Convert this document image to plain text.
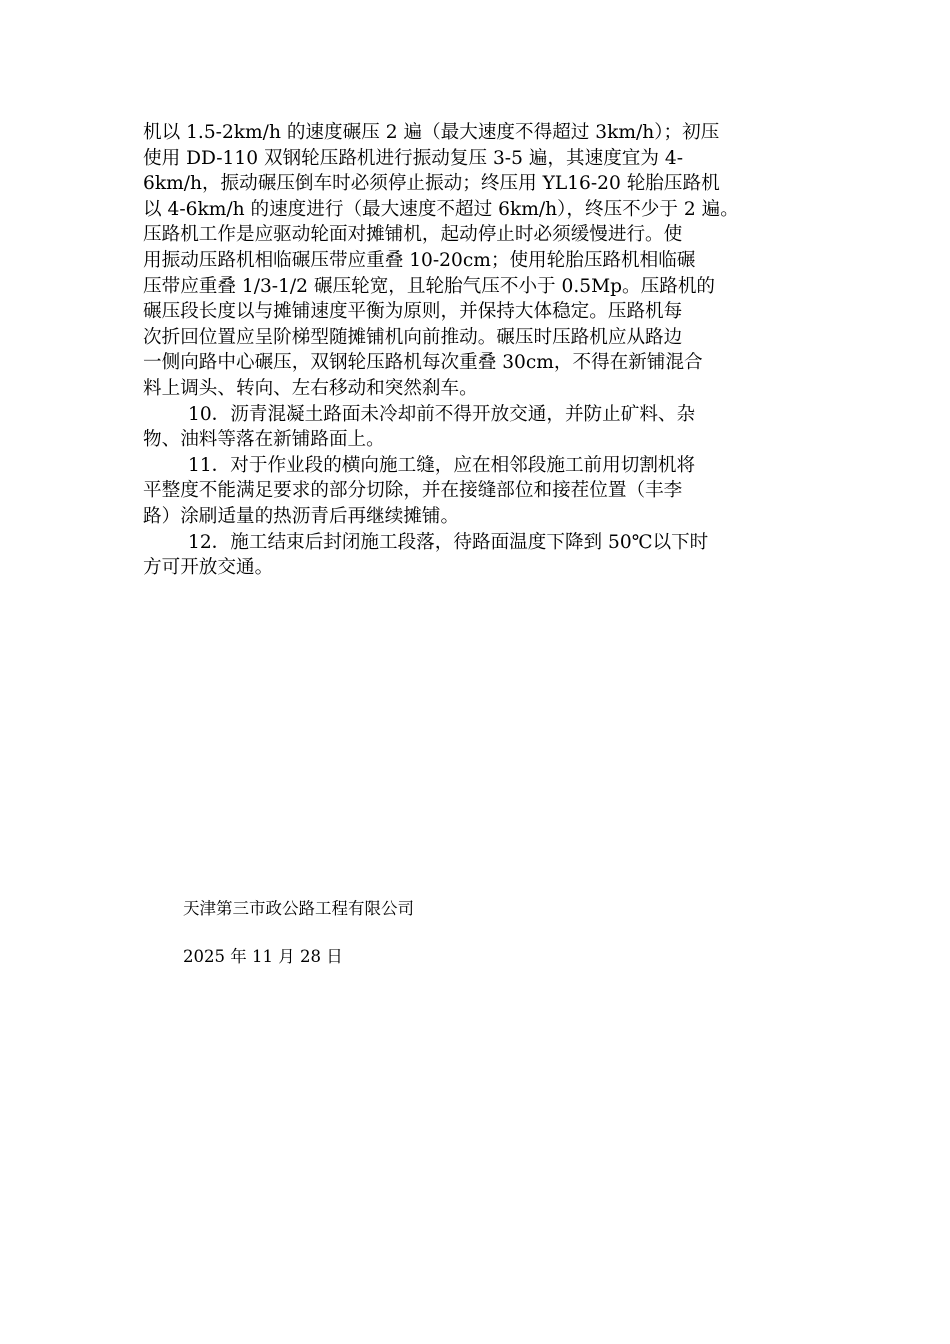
机以 1.5-2km/h 的速度碾压 2 遍（最大速度不得超过 3km/h）；初压
使用 DD-110 双钢轮压路机进行振动复压 3-5 遍，其速度宜为 4-
6km/h，振动碾压倒车时必须停止振动；终压用 YL16-20 轮胎压路机
以 4-6km/h 的速度进行（最大速度不超过 6km/h），终压不少于 2 遍。
压路机工作是应驱动轮面对摊铺机，起动停止时必须缓慢进行。使
用振动压路机相临碾压带应重叠 10-20cm；使用轮胎压路机相临碾
压带应重叠 1/3-1/2 碾压轮宽，且轮胎气压不小于 0.5Mp。压路机的
碾压段长度以与摊铺速度平衡为原则，并保持大体稳定。压路机每
次折回位置应呈阶梯型随摊铺机向前推动。碾压时压路机应从路边
一侧向路中心碾压，双钢轮压路机每次重叠 30cm，不得在新铺混合
料上调头、转向、左右移动和突然刹车。
10．沥青混凝土路面未冷却前不得开放交通，并防止矿料、杂
物、油料等落在新铺路面上。
11．对于作业段的横向施工缝，应在相邻段施工前用切割机将
平整度不能满足要求的部分切除，并在接缝部位和接茬位置（丰李
路）涂刷适量的热沥青后再继续摊铺。
12．施工结束后封闭施工段落，待路面温度下降到 50℃以下时
方可开放交通。
天津第三市政公路工程有限公司
2025 年 11 月 28 日
